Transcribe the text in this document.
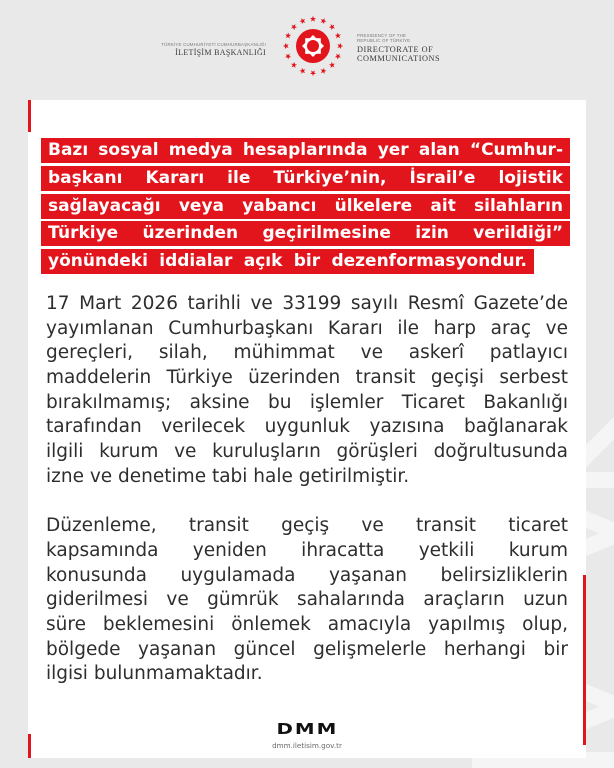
TÜRKİYE CUMHURİYETİ CUMHURBAŞKANLIĞI
İLETİŞİM BAŞKANLIĞI
PRESIDENCY OF THE
REPUBLIC OF TÜRKİYE
DIRECTORATE OF
COMMUNICATIONS
Bazı sosyal medya hesaplarında yer alan “Cumhur-
başkanı Kararı ile Türkiye’nin, İsrail’e lojistik
sağlayacağı veya yabancı ülkelere ait silahların
Türkiye üzerinden geçirilmesine izin verildiği”
yönündeki iddialar açık bir dezenformasyondur.
17 Mart 2026 tarihli ve 33199 sayılı Resmî Gazete’de
yayımlanan Cumhurbaşkanı Kararı ile harp araç ve
gereçleri, silah, mühimmat ve askerî patlayıcı
maddelerin Türkiye üzerinden transit geçişi serbest
bırakılmamış; aksine bu işlemler Ticaret Bakanlığı
tarafından verilecek uygunluk yazısına bağlanarak
ilgili kurum ve kuruluşların görüşleri doğrultusunda
izne ve denetime tabi hale getirilmiştir.
Düzenleme, transit geçiş ve transit ticaret
kapsamında yeniden ihracatta yetkili kurum
konusunda uygulamada yaşanan belirsizliklerin
giderilmesi ve gümrük sahalarında araçların uzun
süre beklemesini önlemek amacıyla yapılmış olup,
bölgede yaşanan güncel gelişmelerle herhangi bir
ilgisi bulunmamaktadır.
DMM
dmm.iletisim.gov.tr
